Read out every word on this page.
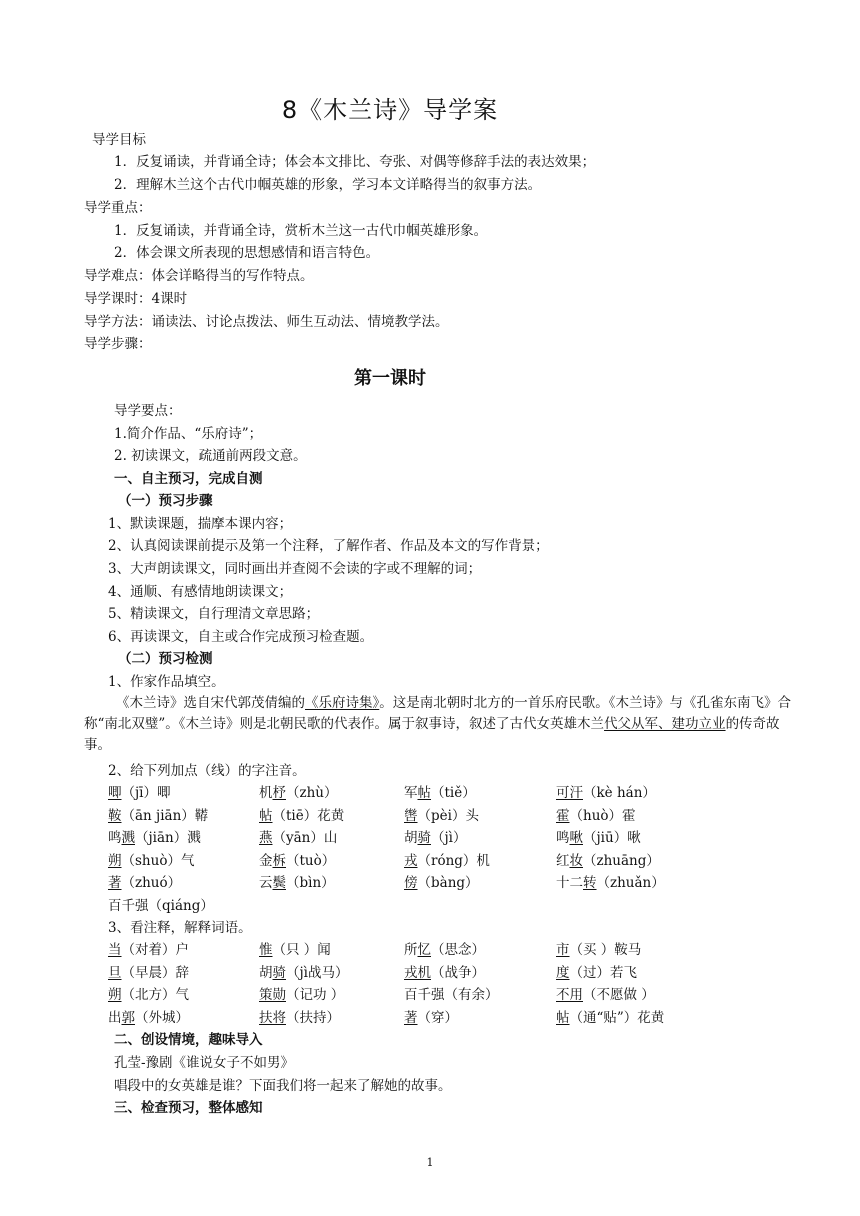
8《木兰诗》导学案
导学目标
1．反复诵读，并背诵全诗；体会本文排比、夸张、对偶等修辞手法的表达效果；
2．理解木兰这个古代巾帼英雄的形象，学习本文详略得当的叙事方法。
导学重点：
1．反复诵读，并背诵全诗，赏析木兰这一古代巾帼英雄形象。
2．体会课文所表现的思想感情和语言特色。
导学难点：体会详略得当的写作特点。
导学课时：4课时
导学方法：诵读法、讨论点拨法、师生互动法、情境教学法。
导学步骤：
第一课时
导学要点：
1.简介作品、“乐府诗”；
2. 初读课文，疏通前两段文意。
一、自主预习，完成自测
（一）预习步骤
1、默读课题，揣摩本课内容；
2、认真阅读课前提示及第一个注释，了解作者、作品及本文的写作背景；
3、大声朗读课文，同时画出并查阅不会读的字或不理解的词；
4、通顺、有感情地朗读课文；
5、精读课文，自行理清文章思路；
6、再读课文，自主或合作完成预习检查题。
（二）预习检测
1、作家作品填空。
《木兰诗》选自宋代郭茂倩编的《乐府诗集》。这是南北朝时北方的一首乐府民歌。《木兰诗》与《孔雀东南飞》合称“南北双璧”。《木兰诗》则是北朝民歌的代表作。属于叙事诗，叙述了古代女英雄木兰代父从军、建功立业的传奇故事。
2、给下列加点（线）的字注音。
唧（jī）唧	机杼（zhù）	军帖（tiě）	可汗（kè hán）
鞍（ān jiān）鞯	帖（tiē）花黄	辔（pèi）头	霍（huò）霍
鸣溅（jiān）溅	燕（yān）山	胡骑（jì）	鸣啾（jiū）啾
朔（shuò）气	金柝（tuò）	戎（róng）机	红妆（zhuāng）
著（zhuó）	云鬓（bìn）	傍（bàng）	十二转（zhuǎn）
百千强（qiáng）
3、看注释，解释词语。
当（对着）户	惟（只 ）闻	所忆（思念）	市（买 ）鞍马
旦（早晨）辞	胡骑（jì战马）	戎机（战争）	度（过）若飞
朔（北方）气	策勋（记功 ）	百千强（有余）	不用（不愿做 ）
出郭（外城）	扶将（扶持）	著（穿）	帖（通“贴”）花黄
二、创设情境，趣味导入
孔莹-豫剧《谁说女子不如男》
唱段中的女英雄是谁？下面我们将一起来了解她的故事。
三、检查预习，整体感知
1
